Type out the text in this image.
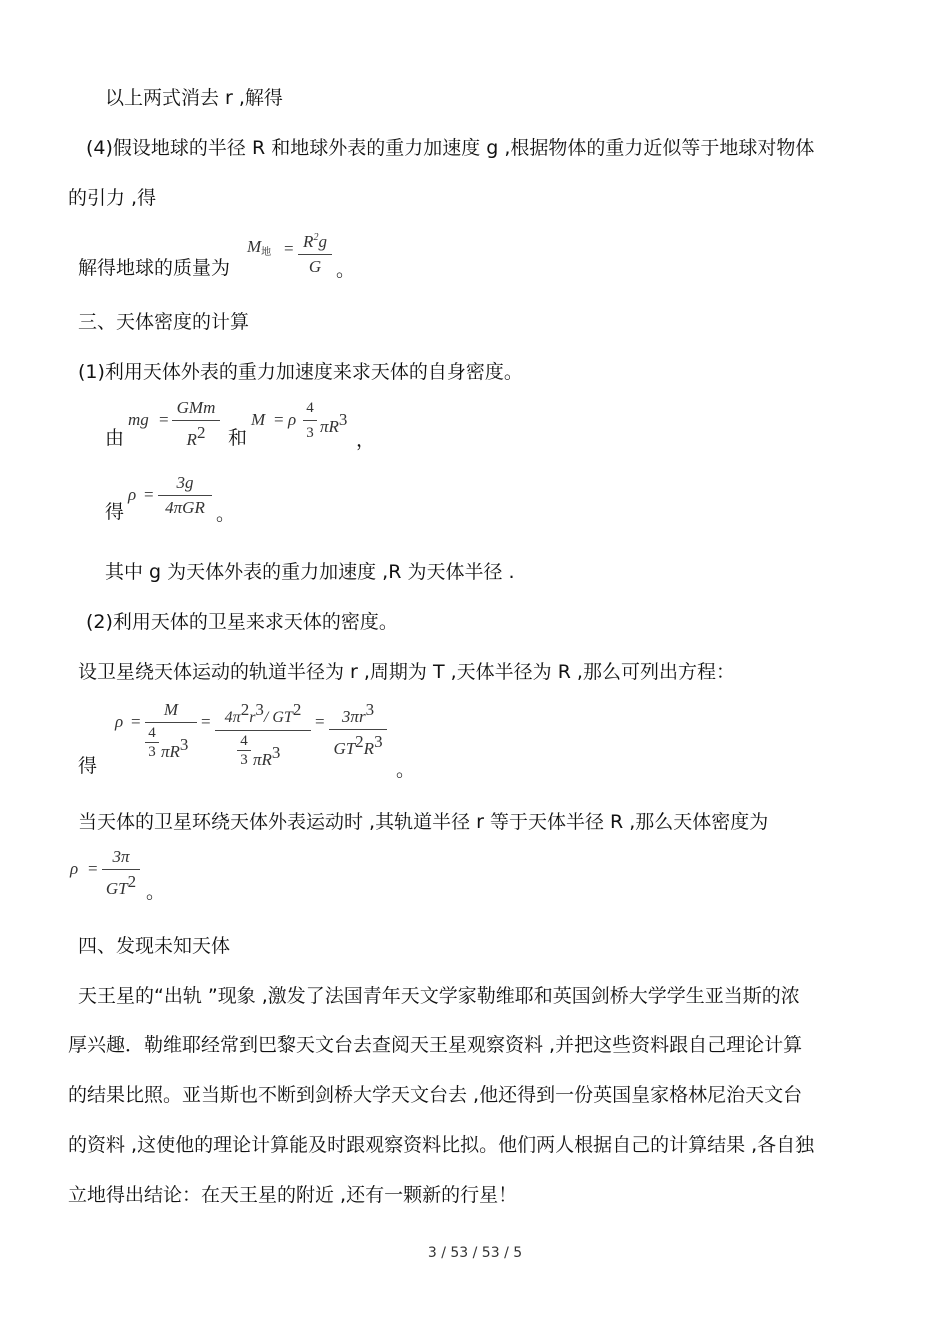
以上两式消去 r ,解得
(4)假设地球的半径 R 和地球外表的重力加速度 g ,根据物体的重力近似等于地球对物体
的引力 ,得
解得地球的质量为
$M_地 = R^2g$
G 。
三、天体密度的计算
(1)利用天体外表的重力加速度来求天体的自身密度。
由
mg =
GMm
$R^2$	和
M = ρ
4
3 $\pi R^3$
，
得
ρ =
3g
4πGR 。
其中 g 为天体外表的重力加速度 ,R 为天体半径 .
(2)利用天体的卫星来求天体的密度。
设卫星绕天体运动的轨道半径为 r ,周期为 T ,天体半径为 R ,那么可列出方程：
得
ρ =
M
4
3 $\pi R^3$
= $4\pi^2r^3/$ $GT^2$
4
3 $\pi R^3$
=	$3\pi r^3$
$GT^2R^3$
。
当天体的卫星环绕天体外表运动时 ,其轨道半径 r 等于天体半径 R ,那么天体密度为
ρ =
3π
$GT^2$ 。
四、发现未知天体
天王星的“出轨 ”现象 ,激发了法国青年天文学家勒维耶和英国剑桥大学学生亚当斯的浓
厚兴趣．勒维耶经常到巴黎天文台去查阅天王星观察资料 ,并把这些资料跟自己理论计算
的结果比照。亚当斯也不断到剑桥大学天文台去 ,他还得到一份英国皇家格林尼治天文台
的资料 ,这使他的理论计算能及时跟观察资料比拟。他们两人根据自己的计算结果 ,各自独
立地得出结论：在天王星的附近 ,还有一颗新的行星！
3 / 53 / 53 / 5
